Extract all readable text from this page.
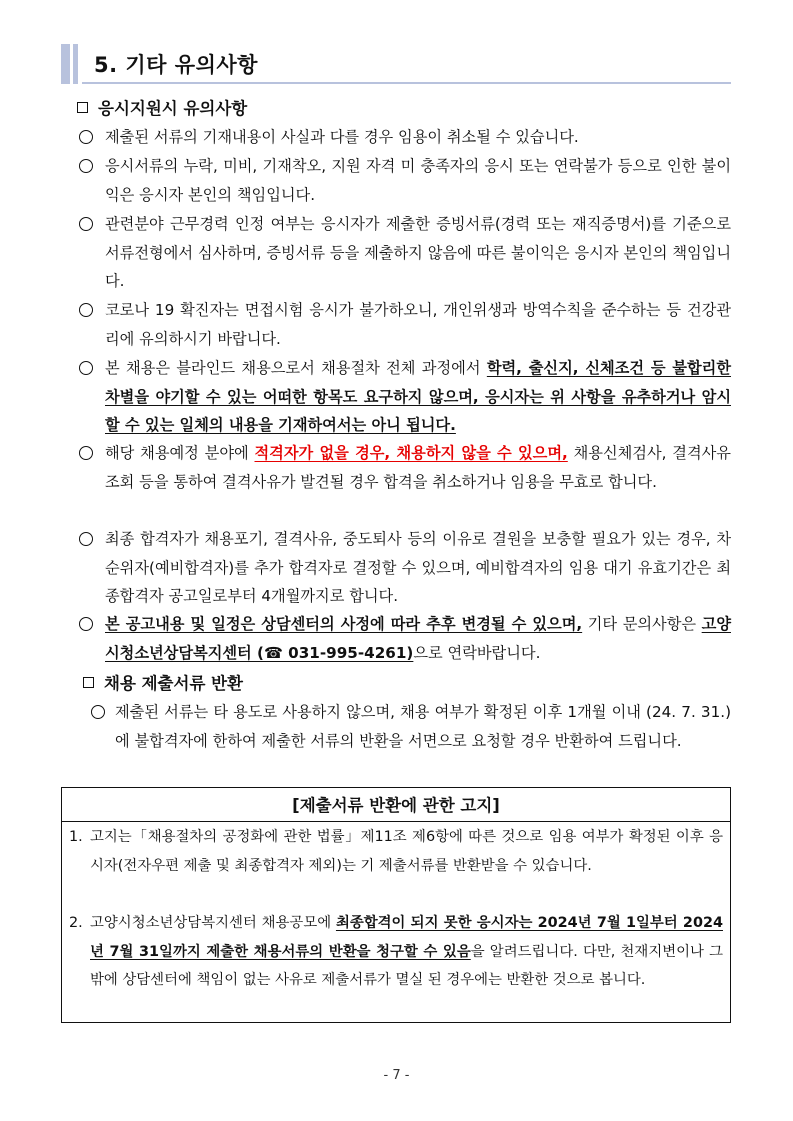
5. 기타 유의사항
응시지원시 유의사항
제출된 서류의 기재내용이 사실과 다를 경우 임용이 취소될 수 있습니다.
응시서류의 누락, 미비, 기재착오, 지원 자격 미 충족자의 응시 또는 연락불가 등으로 인한 불이익은 응시자 본인의 책임입니다.
관련분야 근무경력 인정 여부는 응시자가 제출한 증빙서류(경력 또는 재직증명서)를 기준으로 서류전형에서 심사하며, 증빙서류 등을 제출하지 않음에 따른 불이익은 응시자 본인의 책임입니다.
코로나 19 확진자는 면접시험 응시가 불가하오니, 개인위생과 방역수칙을 준수하는 등 건강관리에 유의하시기 바랍니다.
본 채용은 블라인드 채용으로서 채용절차 전체 과정에서 학력, 출신지, 신체조건 등 불합리한 차별을 야기할 수 있는 어떠한 항목도 요구하지 않으며, 응시자는 위 사항을 유추하거나 암시할 수 있는 일체의 내용을 기재하여서는 아니 됩니다.
해당 채용예정 분야에 적격자가 없을 경우, 채용하지 않을 수 있으며, 채용신체검사, 결격사유 조회 등을 통하여 결격사유가 발견될 경우 합격을 취소하거나 임용을 무효로 합니다.
최종 합격자가 채용포기, 결격사유, 중도퇴사 등의 이유로 결원을 보충할 필요가 있는 경우, 차순위자(예비합격자)를 추가 합격자로 결정할 수 있으며, 예비합격자의 임용 대기 유효기간은 최종합격자 공고일로부터 4개월까지로 합니다.
본 공고내용 및 일정은 상담센터의 사정에 따라 추후 변경될 수 있으며, 기타 문의사항은 고양시청소년상담복지센터 (☎ 031-995-4261)으로 연락바랍니다.
채용 제출서류 반환
제출된 서류는 타 용도로 사용하지 않으며, 채용 여부가 확정된 이후 1개월 이내 (24. 7. 31.)에 불합격자에 한하여 제출한 서류의 반환을 서면으로 요청할 경우 반환하여 드립니다.
[제출서류 반환에 관한 고지]
1. 고지는「채용절차의 공정화에 관한 법률」제11조 제6항에 따른 것으로 임용 여부가 확정된 이후 응시자(전자우편 제출 및 최종합격자 제외)는 기 제출서류를 반환받을 수 있습니다.
2. 고양시청소년상담복지센터 채용공모에 최종합격이 되지 못한 응시자는 2024년 7월 1일부터 2024년 7월 31일까지 제출한 채용서류의 반환을 청구할 수 있음을 알려드립니다. 다만, 천재지변이나 그 밖에 상담센터에 책임이 없는 사유로 제출서류가 멸실 된 경우에는 반환한 것으로 봅니다.
- 7 -
